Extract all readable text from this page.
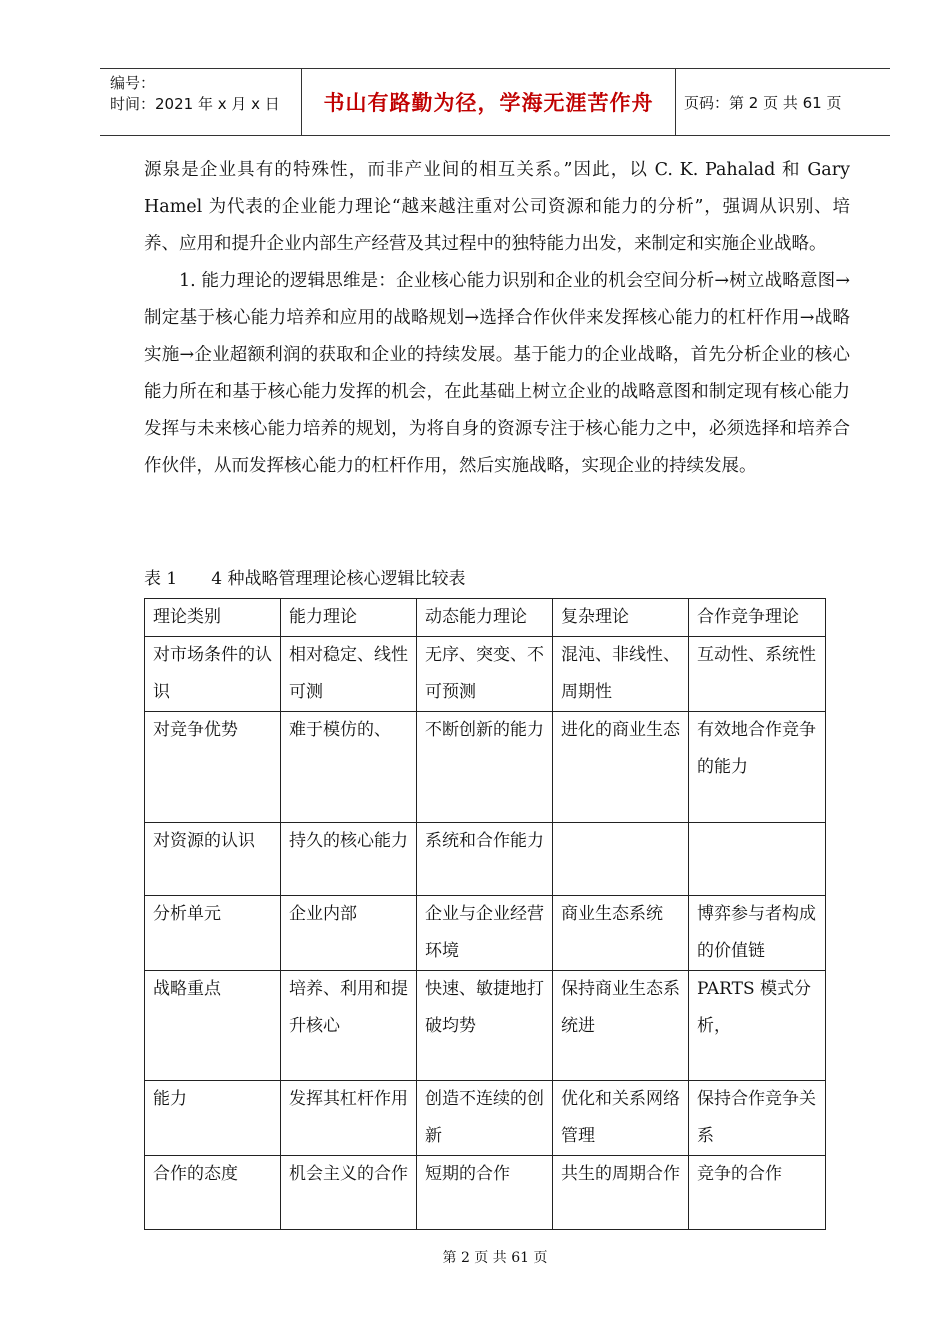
编号：
时间：2021 年 x 月 x 日	书山有路勤为径，学海无涯苦作舟	页码：第 2 页 共 61 页

源泉是企业具有的特殊性，而非产业间的相互关系。”因此，以 C. K. Pahalad 和 Gary Hamel 为代表的企业能力理论“越来越注重对公司资源和能力的分析”，强调从识别、培养、应用和提升企业内部生产经营及其过程中的独特能力出发，来制定和实施企业战略。

1. 能力理论的逻辑思维是：企业核心能力识别和企业的机会空间分析→树立战略意图→制定基于核心能力培养和应用的战略规划→选择合作伙伴来发挥核心能力的杠杆作用→战略实施→企业超额利润的获取和企业的持续发展。基于能力的企业战略，首先分析企业的核心能力所在和基于核心能力发挥的机会，在此基础上树立企业的战略意图和制定现有核心能力发挥与未来核心能力培养的规划，为将自身的资源专注于核心能力之中，必须选择和培养合作伙伴，从而发挥核心能力的杠杆作用，然后实施战略，实现企业的持续发展。

表 1 4 种战略管理理论核心逻辑比较表
理论类别	能力理论	动态能力理论	复杂理论	合作竞争理论
对市场条件的认识	相对稳定、线性可测	无序、突变、不可预测	混沌、非线性、周期性	互动性、系统性
对竞争优势	难于模仿的、	不断创新的能力	进化的商业生态	有效地合作竞争的能力
对资源的认识	持久的核心能力	系统和合作能力		
分析单元	企业内部	企业与企业经营环境	商业生态系统	博弈参与者构成的价值链
战略重点	培养、利用和提升核心	快速、敏捷地打破均势	保持商业生态系统进	PARTS 模式分析，
能力	发挥其杠杆作用	创造不连续的创新	优化和关系网络管理	保持合作竞争关系
合作的态度	机会主义的合作	短期的合作	共生的周期合作	竞争的合作
第 2 页 共 61 页
